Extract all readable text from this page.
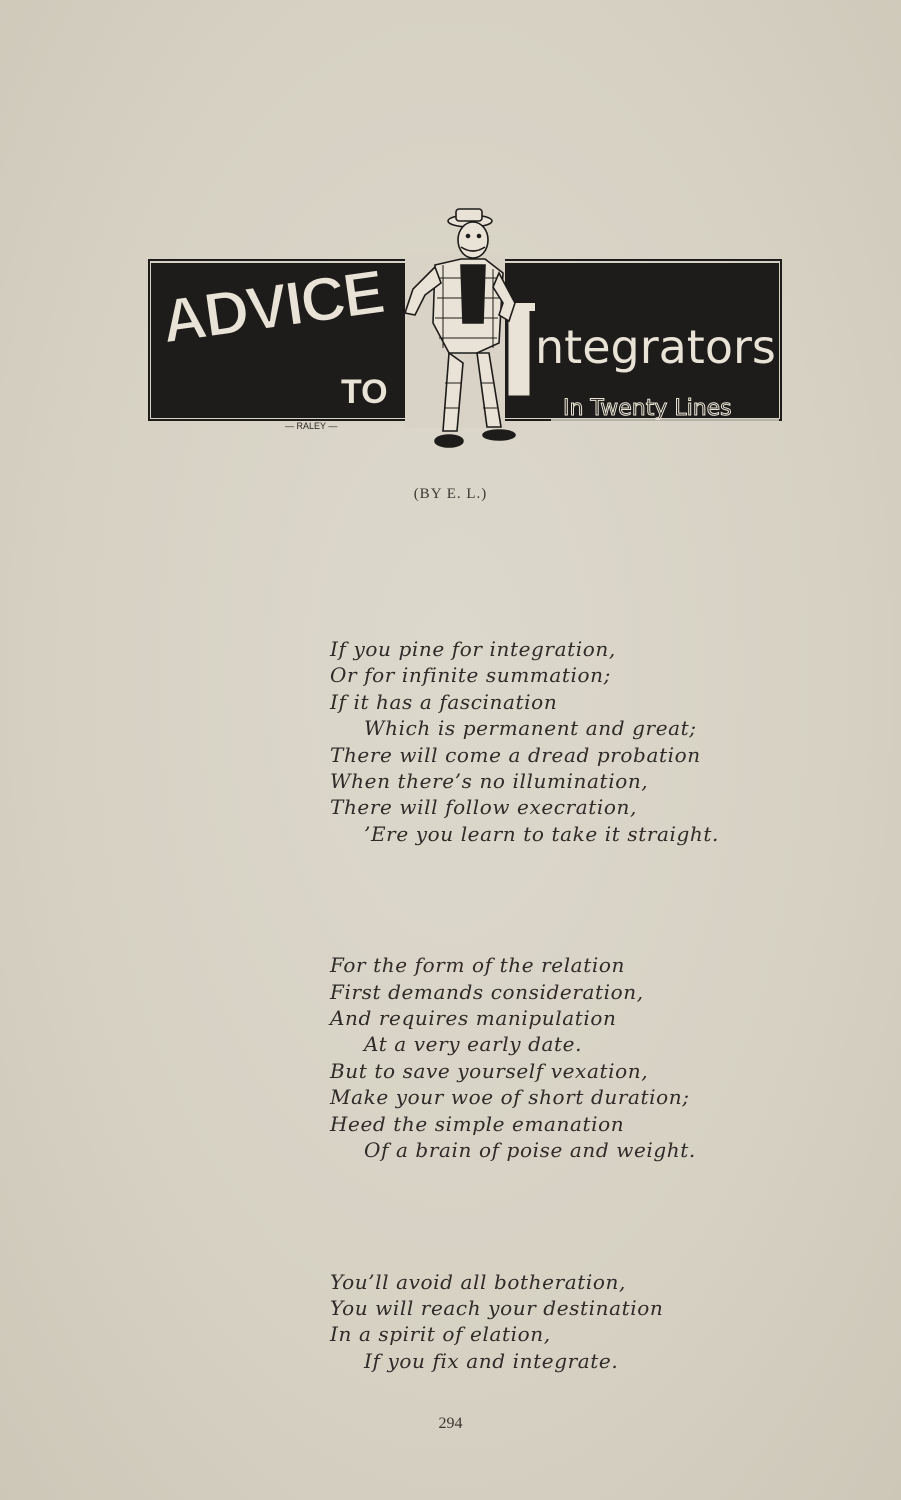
ADVICE
TO
ntegrators
In Twenty Lines
— RALEY —
(BY E. L.)
If you pine for integration,
Or for infinite summation;
If it has a fascination
Which is permanent and great;
There will come a dread probation
When there’s no illumination,
There will follow execration,
’Ere you learn to take it straight.
For the form of the relation
First demands consideration,
And requires manipulation
At a very early date.
But to save yourself vexation,
Make your woe of short duration;
Heed the simple emanation
Of a brain of poise and weight.
You’ll avoid all botheration,
You will reach your destination
In a spirit of elation,
If you fix and integrate.
294
